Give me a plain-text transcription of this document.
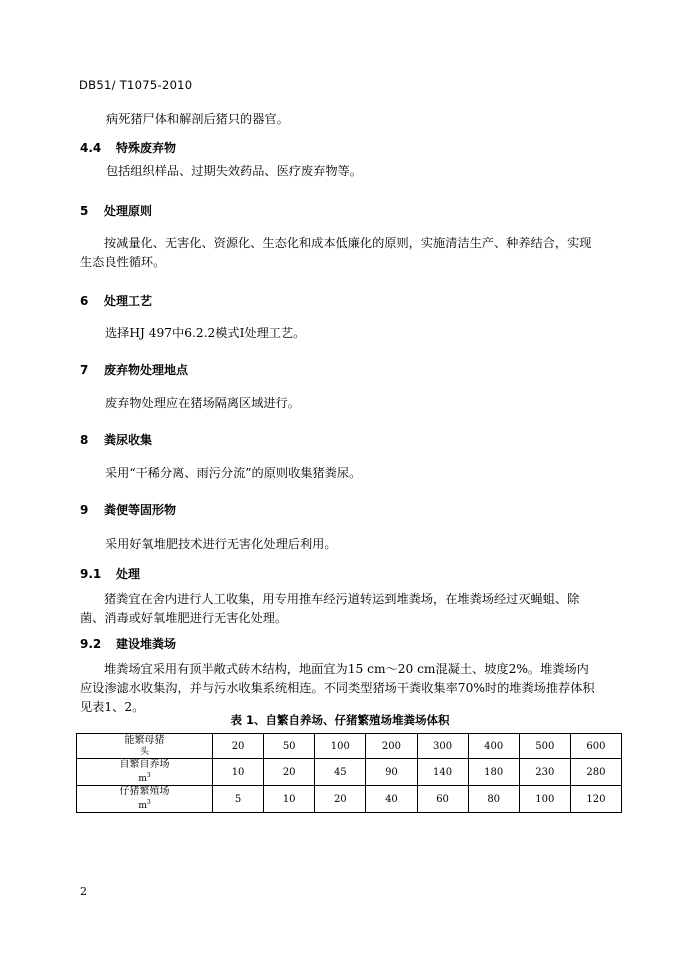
DB51/ T1075-2010
病死猪尸体和解剖后猪只的器官。
4.4 特殊废弃物
包括组织样品、过期失效药品、医疗废弃物等。
5 处理原则
按减量化、无害化、资源化、生态化和成本低廉化的原则，实施清洁生产、种养结合，实现生态良性循环。
6 处理工艺
选择HJ 497中6.2.2模式Ⅰ处理工艺。
7 废弃物处理地点
废弃物处理应在猪场隔离区域进行。
8 粪尿收集
采用“干稀分离、雨污分流”的原则收集猪粪尿。
9 粪便等固形物
采用好氧堆肥技术进行无害化处理后利用。
9.1 处理
猪粪宜在舍内进行人工收集，用专用推车经污道转运到堆粪场，在堆粪场经过灭蝇蛆、除菌、消毒或好氧堆肥进行无害化处理。
9.2 建设堆粪场
堆粪场宜采用有顶半敞式砖木结构，地面宜为15 cm～20 cm混凝土、坡度2%。堆粪场内应设渗滤水收集沟，并与污水收集系统相连。不同类型猪场干粪收集率70%时的堆粪场推荐体积见表1、2。
表 1、自繁自养场、仔猪繁殖场堆粪场体积
能繁母猪
头	20	50	100	200	300	400	500	600
自繁自养场
$m^3$	10	20	45	90	140	180	230	280
仔猪繁殖场
$m^3$	5	10	20	40	60	80	100	120
2
